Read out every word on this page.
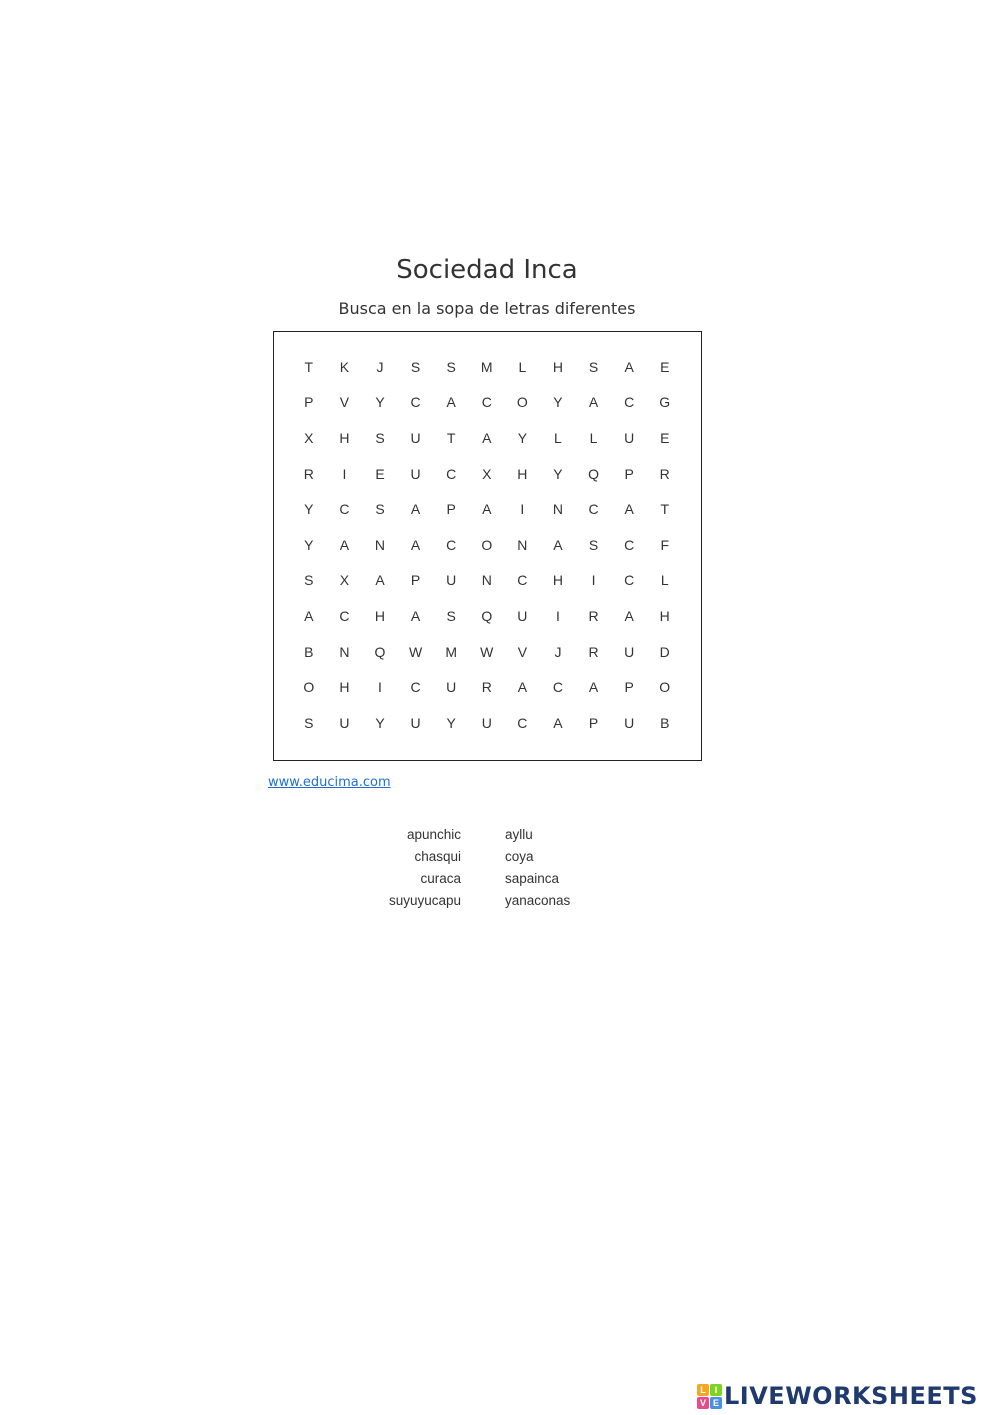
Sociedad Inca
Busca en la sopa de letras diferentes
T	K	J	S	S	M	L	H	S	A	E
P	V	Y	C	A	C	O	Y	A	C	G
X	H	S	U	T	A	Y	L	L	U	E
R	I	E	U	C	X	H	Y	Q	P	R
Y	C	S	A	P	A	I	N	C	A	T
Y	A	N	A	C	O	N	A	S	C	F
S	X	A	P	U	N	C	H	I	C	L
A	C	H	A	S	Q	U	I	R	A	H
B	N	Q	W	M	W	V	J	R	U	D
O	H	I	C	U	R	A	C	A	P	O
S	U	Y	U	Y	U	C	A	P	U	B
www.educima.com
apunchic
chasqui
curaca
suyuyucapu
ayllu
coya
sapainca
yanaconas
L I
V E LIVEWORKSHEETS
